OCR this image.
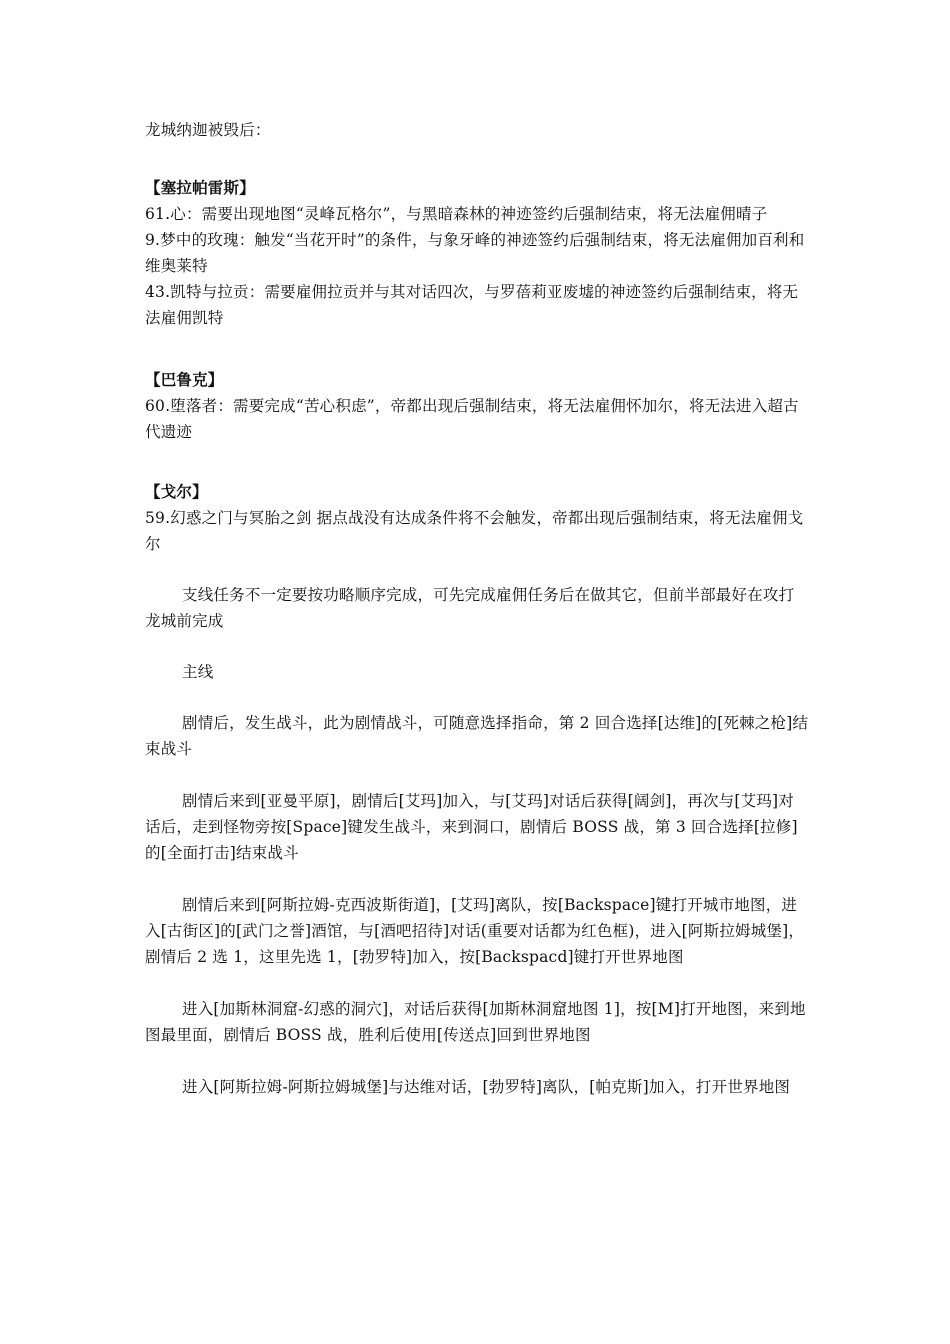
龙城纳迦被毁后：
【塞拉帕雷斯】
61.心：需要出现地图“灵峰瓦格尔”，与黑暗森林的神迹签约后强制结束，将无法雇佣晴子
9.梦中的玫瑰：触发“当花开时”的条件，与象牙峰的神迹签约后强制结束，将无法雇佣加百利和维奥莱特
43.凯特与拉贡：需要雇佣拉贡并与其对话四次，与罗蓓莉亚废墟的神迹签约后强制结束，将无法雇佣凯特
【巴鲁克】
60.堕落者：需要完成“苦心积虑”，帝都出现后强制结束，将无法雇佣怀加尔，将无法进入超古代遗迹
【戈尔】
59.幻惑之门与冥胎之剑 据点战没有达成条件将不会触发，帝都出现后强制结束，将无法雇佣戈尔
支线任务不一定要按功略顺序完成，可先完成雇佣任务后在做其它，但前半部最好在攻打龙城前完成
主线
剧情后，发生战斗，此为剧情战斗，可随意选择指命，第 2 回合选择[达维]的[死棘之枪]结束战斗
剧情后来到[亚曼平原]，剧情后[艾玛]加入，与[艾玛]对话后获得[阔剑]，再次与[艾玛]对话后，走到怪物旁按[Space]键发生战斗，来到洞口，剧情后 BOSS 战，第 3 回合选择[拉修]的[全面打击]结束战斗
剧情后来到[阿斯拉姆-克西波斯街道]，[艾玛]离队，按[Backspace]键打开城市地图，进入[古街区]的[武门之誉]酒馆，与[酒吧招待]对话(重要对话都为红色框)，进入[阿斯拉姆城堡]，剧情后 2 选 1，这里先选 1，[勃罗特]加入，按[Backspacd]键打开世界地图
进入[加斯林洞窟-幻惑的洞穴]，对话后获得[加斯林洞窟地图 1]，按[M]打开地图，来到地图最里面，剧情后 BOSS 战，胜利后使用[传送点]回到世界地图
进入[阿斯拉姆-阿斯拉姆城堡]与达维对话，[勃罗特]离队，[帕克斯]加入，打开世界地图
